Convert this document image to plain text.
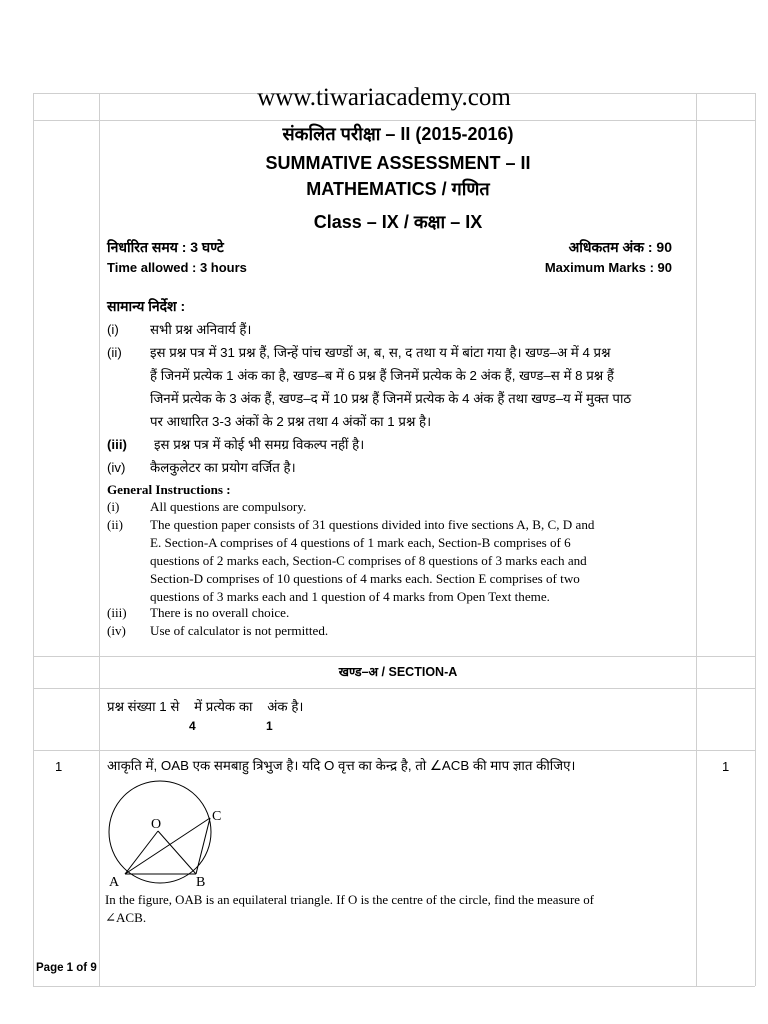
www.tiwariacademy.com
संकलित परीक्षा – II (2015-2016)
SUMMATIVE ASSESSMENT – II
MATHEMATICS / गणित
Class – IX / कक्षा – IX
निर्धारित समय : 3 घण्टे	अधिकतम अंक : 90
Time allowed : 3 hours	Maximum Marks : 90
सामान्य निर्देश :
(i)	सभी प्रश्न अनिवार्य हैं।
(ii)	इस प्रश्न पत्र में 31 प्रश्न हैं, जिन्हें पांच खण्डों अ, ब, स, द तथा य में बांटा गया है। खण्ड–अ में 4 प्रश्न
हैं जिनमें प्रत्येक 1 अंक का है, खण्ड–ब में 6 प्रश्न हैं जिनमें प्रत्येक के 2 अंक हैं, खण्ड–स में 8 प्रश्न हैं
जिनमें प्रत्येक के 3 अंक हैं, खण्ड–द में 10 प्रश्न हैं जिनमें प्रत्येक के 4 अंक हैं तथा खण्ड–य में मुक्त पाठ
पर आधारित 3-3 अंकों के 2 प्रश्न तथा 4 अंकों का 1 प्रश्न है।
(iii)	इस प्रश्न पत्र में कोई भी समग्र विकल्प नहीं है।
(iv)	कैलकुलेटर का प्रयोग वर्जित है।
General Instructions :
(i)	All questions are compulsory.
(ii)	The question paper consists of 31 questions divided into five sections A, B, C, D and
E. Section-A comprises of 4 questions of 1 mark each, Section-B comprises of 6
questions of 2 marks each, Section-C comprises of 8 questions of 3 marks each and
Section-D comprises of 10 questions of 4 marks each. Section E comprises of two
questions of 3 marks each and 1 question of 4 marks from Open Text theme.
(iii)	There is no overall choice.
(iv)	Use of calculator is not permitted.
खण्ड–अ / SECTION-A
प्रश्न संख्या 1 से    में प्रत्येक का    अंक है।
4	1
1	1
आकृति में, OAB एक समबाहु त्रिभुज है। यदि O वृत्त का केन्द्र है, तो ∠ACB की माप ज्ञात कीजिए।
O
C
A	B
In the figure, OAB is an equilateral triangle. If O is the centre of the circle, find the measure of
∠ACB.
Page 1 of 9
